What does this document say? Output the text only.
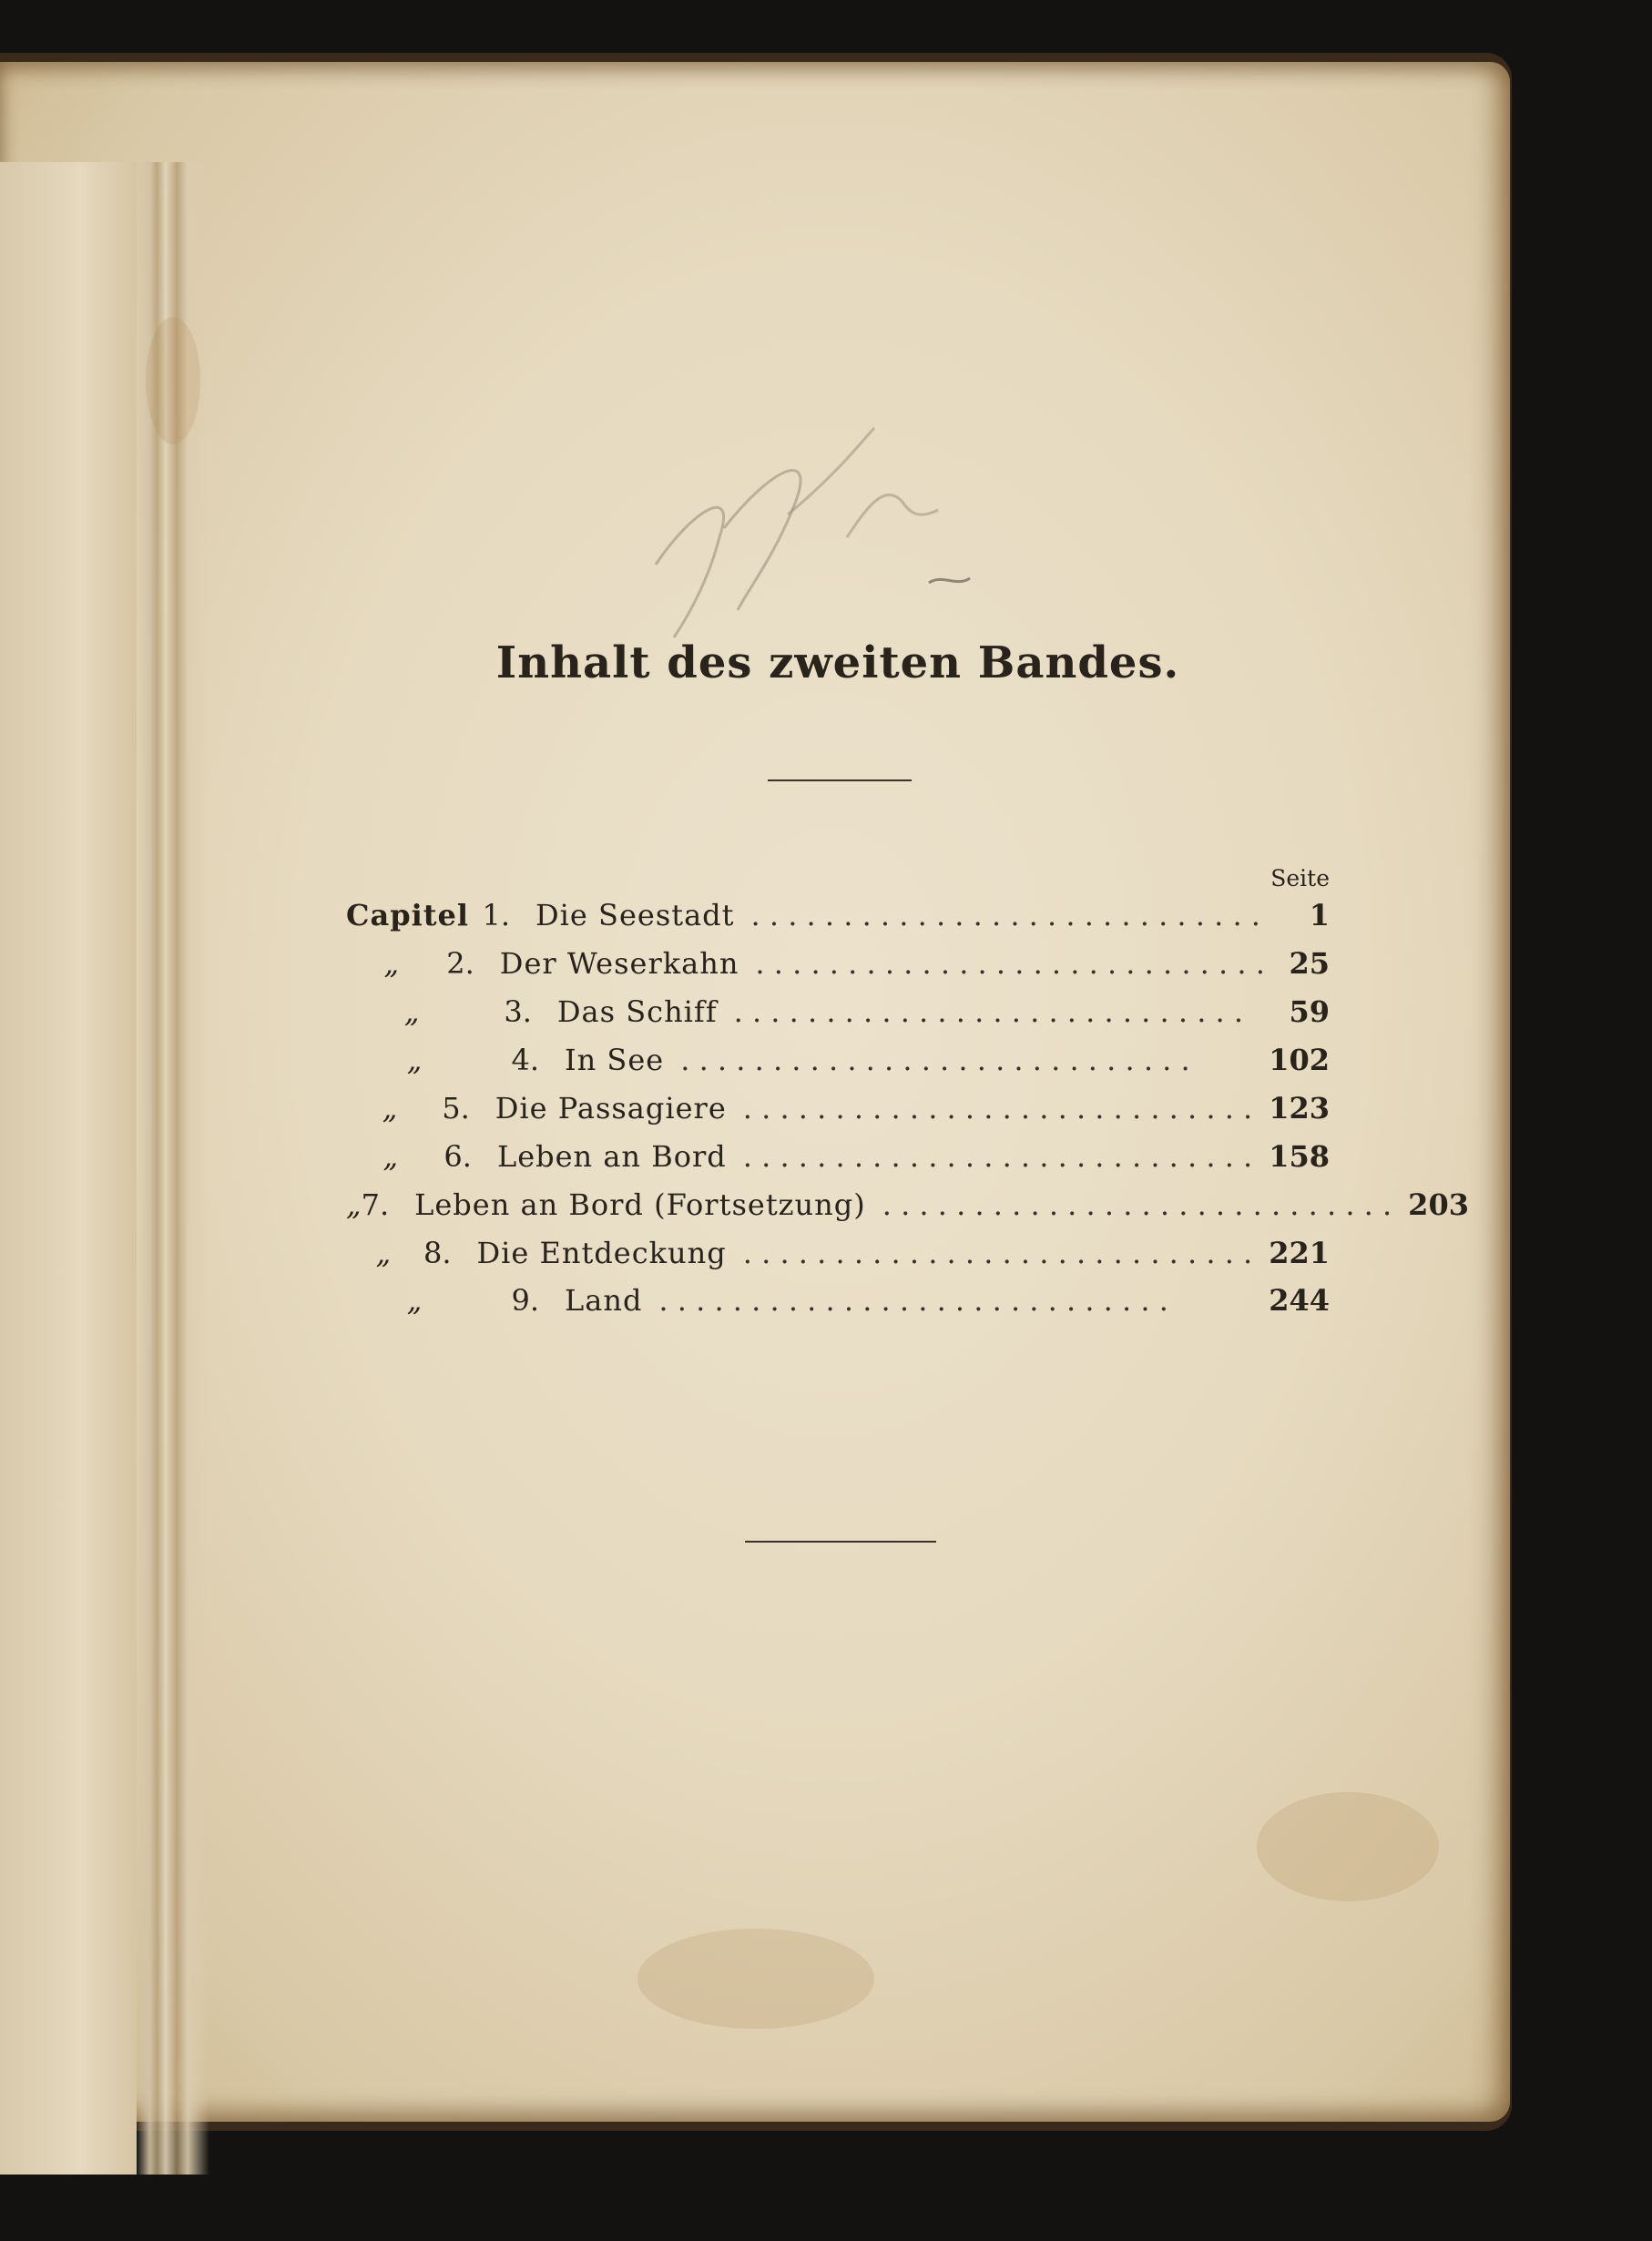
Inhalt des zweiten Bandes.
Seite
Capitel 1. Die Seestadt . . . . . . . . . . . . . . . . . . . . . . . . . . . .	1
„	2. Der Weserkahn . . . . . . . . . . . . . . . . . . . . . . . . . . . . 25
„	3. Das Schiff . . . . . . . . . . . . . . . . . . . . . . . . . . . .	59
„	4. In See . . . . . . . . . . . . . . . . . . . . . . . . . . . .	102
„	5. Die Passagiere . . . . . . . . . . . . . . . . . . . . . . . . . . . . 123
„	6. Leben an Bord . . . . . . . . . . . . . . . . . . . . . . . . . . . . 158
„ 7. Leben an Bord (Fortsetzung) . . . . . . . . . . . . . . . . . . . . . . . . . . . . 203
„	8. Die Entdeckung . . . . . . . . . . . . . . . . . . . . . . . . . . . . 221
„	9. Land . . . . . . . . . . . . . . . . . . . . . . . . . . . .	244
